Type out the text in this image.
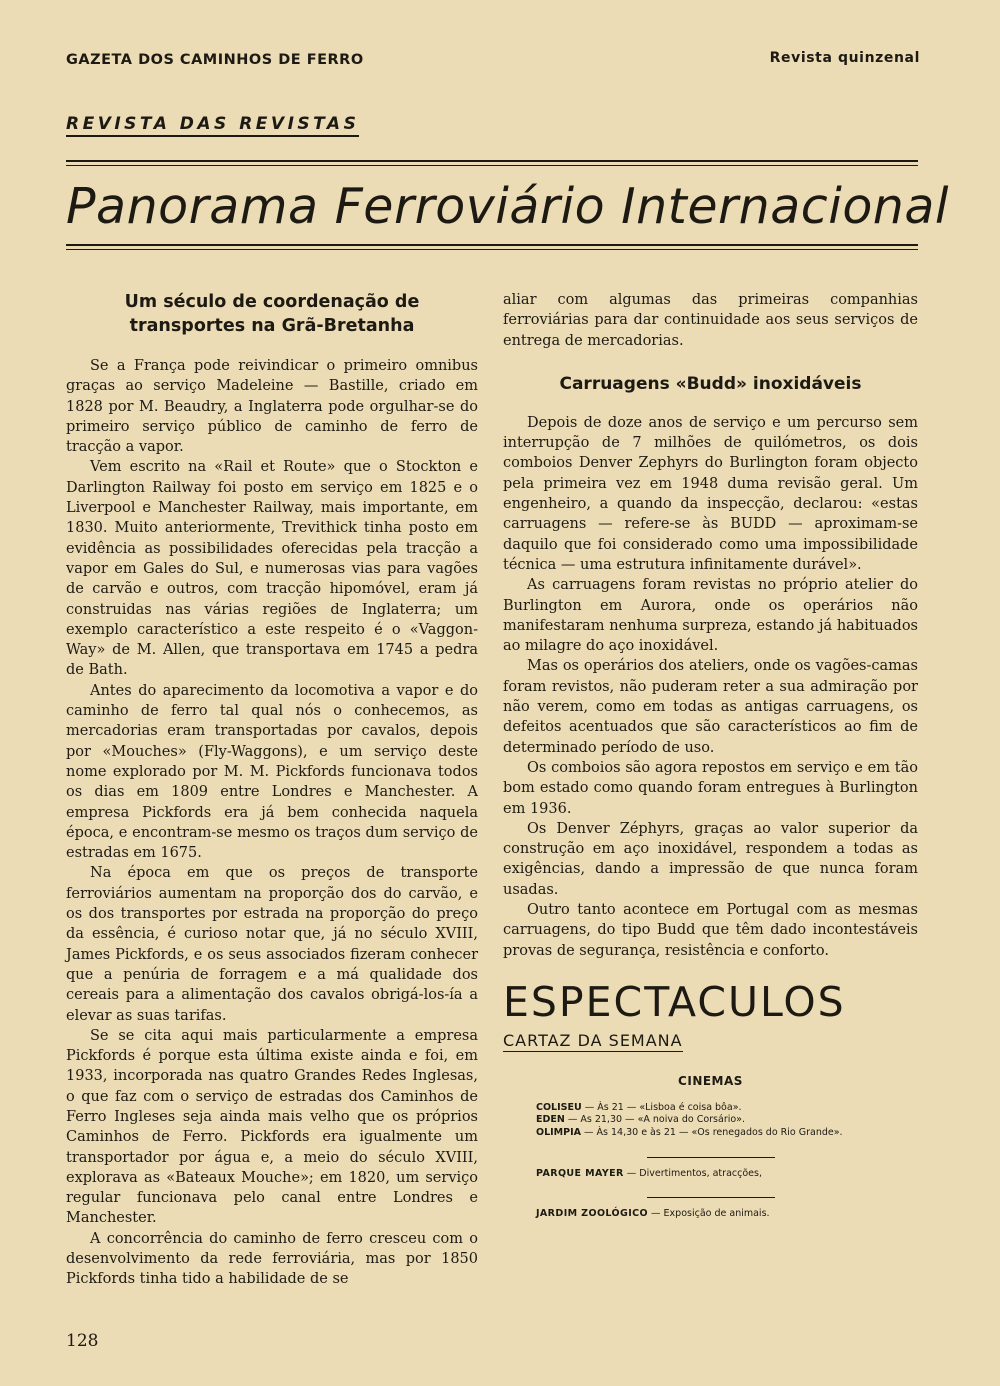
GAZETA DOS CAMINHOS DE FERRO	Revista quinzenal
REVISTA DAS REVISTAS
Panorama Ferroviário Internacional
Um século de coordenação de transportes na Grã-Bretanha

Se a França pode reivindicar o primeiro omnibus graças ao serviço Madeleine — Bastille, criado em 1828 por M. Beaudry, a Inglaterra pode orgulhar-se do primeiro serviço público de caminho de ferro de tracção a vapor.

Vem escrito na «Rail et Route» que o Stockton e Darlington Railway foi posto em serviço em 1825 e o Liverpool e Manchester Railway, mais importante, em 1830. Muito anteriormente, Trevithick tinha posto em evidência as possibilidades oferecidas pela tracção a vapor em Gales do Sul, e numerosas vias para vagões de carvão e outros, com tracção hipomóvel, eram já construidas nas várias regiões de Inglaterra; um exemplo característico a este respeito é o «Vaggon-Way» de M. Allen, que transportava em 1745 a pedra de Bath.

Antes do aparecimento da locomotiva a vapor e do caminho de ferro tal qual nós o conhecemos, as mercadorias eram transportadas por cavalos, depois por «Mouches» (Fly-Waggons), e um serviço deste nome explorado por M. M. Pickfords funcionava todos os dias em 1809 entre Londres e Manchester. A empresa Pickfords era já bem conhecida naquela época, e encontram-se mesmo os traços dum serviço de estradas em 1675.

Na época em que os preços de transporte ferroviários aumentam na proporção dos do carvão, e os dos transportes por estrada na proporção do preço da essência, é curioso notar que, já no século XVIII, James Pickfords, e os seus associados fizeram conhecer que a penúria de forragem e a má qualidade dos cereais para a alimentação dos cavalos obrigá-los-ía a elevar as suas tarifas.

Se se cita aqui mais particularmente a empresa Pickfords é porque esta última existe ainda e foi, em 1933, incorporada nas quatro Grandes Redes Inglesas, o que faz com o serviço de estradas dos Caminhos de Ferro Ingleses seja ainda mais velho que os próprios Caminhos de Ferro. Pickfords era igualmente um transportador por água e, a meio do século XVIII, explorava as «Bateaux Mouche»; em 1820, um serviço regular funcionava pelo canal entre Londres e Manchester.

A concorrência do caminho de ferro cresceu com o desenvolvimento da rede ferroviária, mas por 1850 Pickfords tinha tido a habilidade de se

aliar com algumas das primeiras companhias ferroviárias para dar continuidade aos seus serviços de entrega de mercadorias.

Carruagens «Budd» inoxidáveis

Depois de doze anos de serviço e um percurso sem interrupção de 7 milhões de quilómetros, os dois comboios Denver Zephyrs do Burlington foram objecto pela primeira vez em 1948 duma revisão geral. Um engenheiro, a quando da inspecção, declarou: «estas carruagens — refere-se às BUDD — aproximam-se daquilo que foi considerado como uma impossibilidade técnica — uma estrutura infinitamente durável».

As carruagens foram revistas no próprio atelier do Burlington em Aurora, onde os operários não manifestaram nenhuma surpreza, estando já habituados ao milagre do aço inoxidável.

Mas os operários dos ateliers, onde os vagões-camas foram revistos, não puderam reter a sua admiração por não verem, como em todas as antigas carruagens, os defeitos acentuados que são característicos ao fim de determinado período de uso.

Os comboios são agora repostos em serviço e em tão bom estado como quando foram entregues à Burlington em 1936.

Os Denver Zéphyrs, graças ao valor superior da construção em aço inoxidável, respondem a todas as exigências, dando a impressão de que nunca foram usadas.

Outro tanto acontece em Portugal com as mesmas carruagens, do tipo Budd que têm dado incontestáveis provas de segurança, resistência e conforto.

ESPECTACULOS
CARTAZ DA SEMANA
CINEMAS
COLISEU — Às 21 — «Lisboa é coisa bôa».
EDEN — As 21,30 — «A noiva do Corsário».
OLIMPIA — Às 14,30 e às 21 — «Os renegados do Rio Grande».
PARQUE MAYER — Divertimentos, atracções,
JARDIM ZOOLÓGICO — Exposição de animais.
128
